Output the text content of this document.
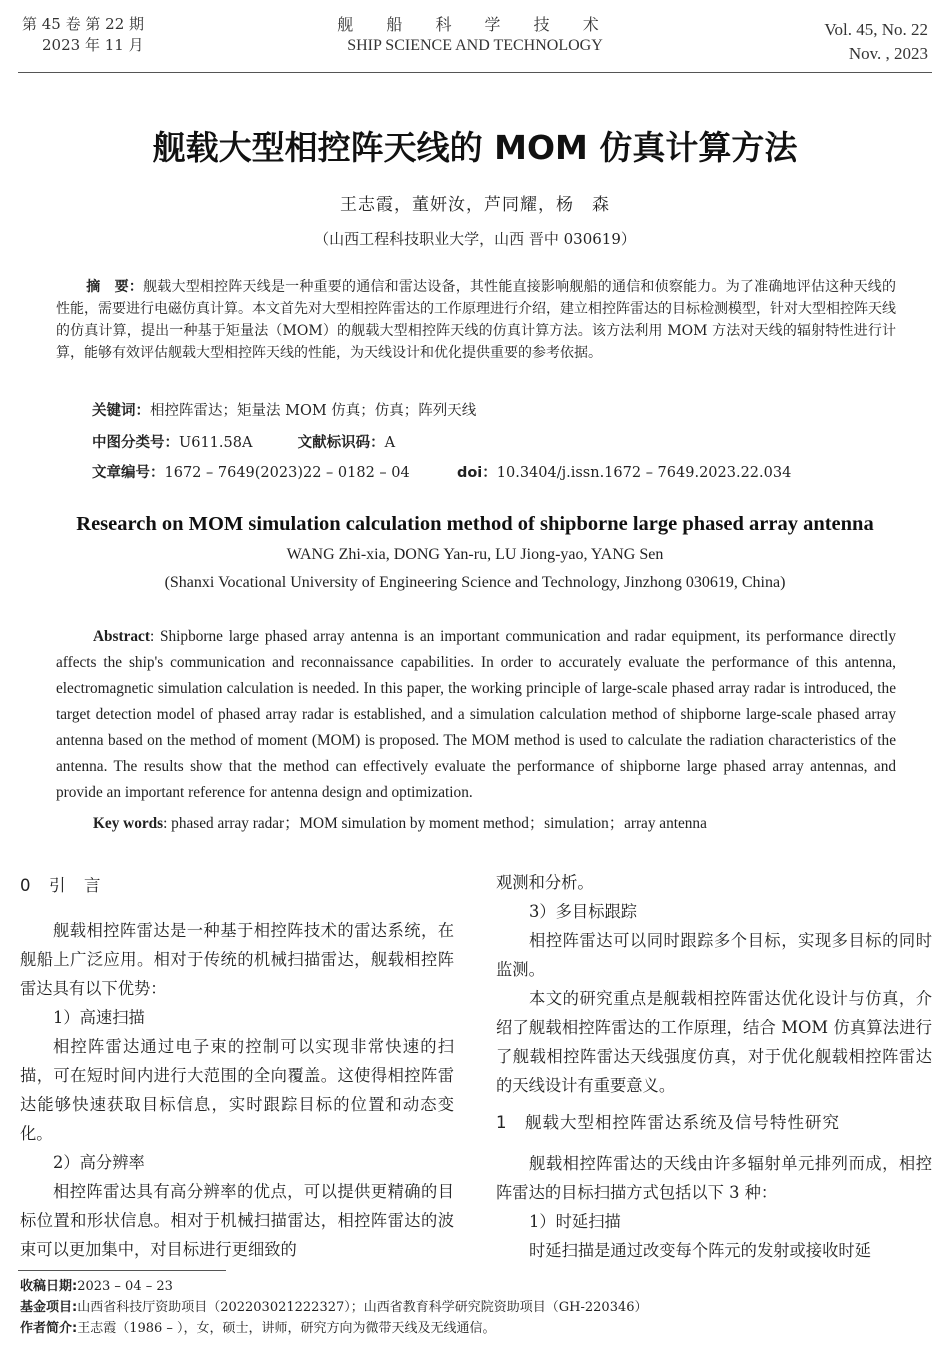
第 45 卷 第 22 期
2023 年 11 月
舰 船 科 学 技 术
SHIP SCIENCE AND TECHNOLOGY
Vol. 45, No. 22
Nov. , 2023
舰载大型相控阵天线的 MOM 仿真计算方法
王志霞，董妍汝，芦同耀，杨　森
（山西工程科技职业大学，山西 晋中 030619）
摘　要：舰载大型相控阵天线是一种重要的通信和雷达设备，其性能直接影响舰船的通信和侦察能力。为了准确地评估这种天线的性能，需要进行电磁仿真计算。本文首先对大型相控阵雷达的工作原理进行介绍，建立相控阵雷达的目标检测模型，针对大型相控阵天线的仿真计算，提出一种基于矩量法（MOM）的舰载大型相控阵天线的仿真计算方法。该方法利用 MOM 方法对天线的辐射特性进行计算，能够有效评估舰载大型相控阵天线的性能，为天线设计和优化提供重要的参考依据。
关键词：相控阵雷达；矩量法 MOM 仿真；仿真；阵列天线
中图分类号：U611.58A	文献标识码：A
文章编号：1672 – 7649(2023)22 – 0182 – 04	doi：10.3404/j.issn.1672 – 7649.2023.22.034
Research on MOM simulation calculation method of shipborne large phased array antenna
WANG Zhi-xia, DONG Yan-ru, LU Jiong-yao, YANG Sen
(Shanxi Vocational University of Engineering Science and Technology, Jinzhong 030619, China)
Abstract: Shipborne large phased array antenna is an important communication and radar equipment, its performance directly affects the ship's communication and reconnaissance capabilities. In order to accurately evaluate the performance of this antenna, electromagnetic simulation calculation is needed. In this paper, the working principle of large-scale phased array radar is introduced, the target detection model of phased array radar is established, and a simulation calculation method of shipborne large-scale phased array antenna based on the method of moment (MOM) is proposed. The MOM method is used to calculate the radiation characteristics of the antenna. The results show that the method can effectively evaluate the performance of shipborne large phased array antennas, and provide an important reference for antenna design and optimization.
Key words: phased array radar；MOM simulation by moment method；simulation；array antenna

0　引　言

舰载相控阵雷达是一种基于相控阵技术的雷达系统，在舰船上广泛应用。相对于传统的机械扫描雷达，舰载相控阵雷达具有以下优势：

1）高速扫描

相控阵雷达通过电子束的控制可以实现非常快速的扫描，可在短时间内进行大范围的全向覆盖。这使得相控阵雷达能够快速获取目标信息，实时跟踪目标的位置和动态变化。

2）高分辨率

相控阵雷达具有高分辨率的优点，可以提供更精确的目标位置和形状信息。相对于机械扫描雷达，相控阵雷达的波束可以更加集中，对目标进行更细致的

观测和分析。

3）多目标跟踪

相控阵雷达可以同时跟踪多个目标，实现多目标的同时监测。

本文的研究重点是舰载相控阵雷达优化设计与仿真，介绍了舰载相控阵雷达的工作原理，结合 MOM 仿真算法进行了舰载相控阵雷达天线强度仿真，对于优化舰载相控阵雷达的天线设计有重要意义。

1　舰载大型相控阵雷达系统及信号特性研究

舰载相控阵雷达的天线由许多辐射单元排列而成，相控阵雷达的目标扫描方式包括以下 3 种：

1）时延扫描

时延扫描是通过改变每个阵元的发射或接收时延

收稿日期:2023 – 04 – 23
基金项目:山西省科技厅资助项目（202203021222327）；山西省教育科学研究院资助项目（GH-220346）
作者简介:王志霞（1986 – ），女，硕士，讲师，研究方向为微带天线及无线通信。
